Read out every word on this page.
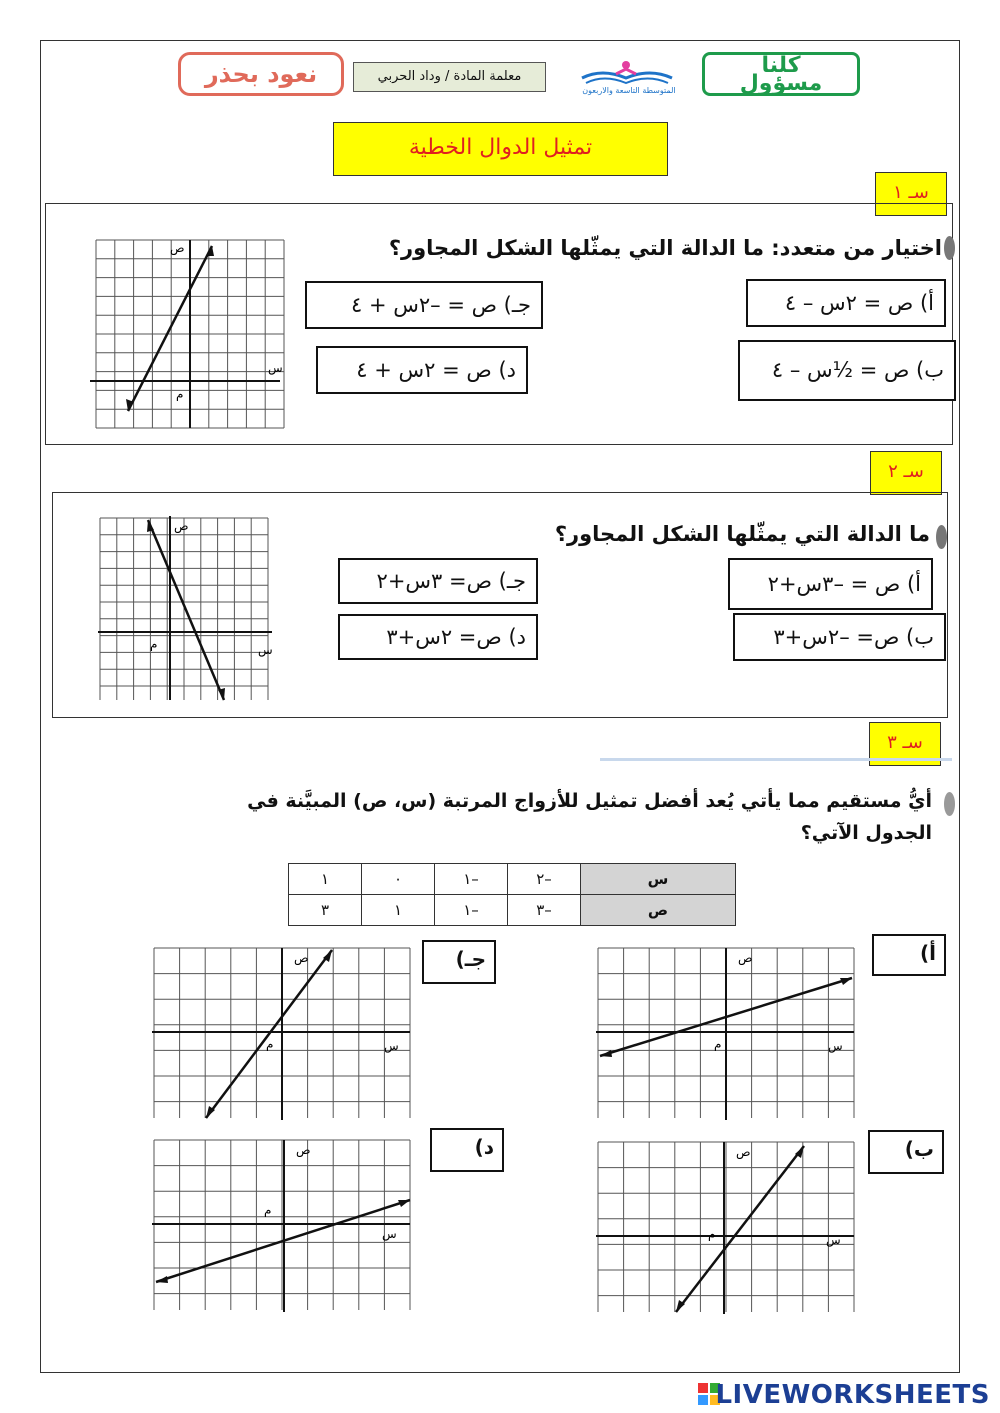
نعود بحذر	معلمة المادة / وداد الحربي
المتوسطة التاسعة والاربعون
كلنا
مسؤول
تمثيل الدوال الخطية
سـ ١
اختيار من متعدد: ما الدالة التي يمثّلها الشكل المجاور؟
ص
س
م
أ) ص = ٢س – ٤
ب) ص = ½س – ٤
جـ) ص = –٢س + ٤
د) ص = ٢س + ٤
سـ ٢
ما الدالة التي يمثّلها الشكل المجاور؟
ص
س
م
أ) ص = –٣س+٢
ب) ص= –٢س+٣
جـ) ص= ٣س+٢
د) ص= ٢س+٣
سـ ٣
أيُّ مستقيم مما يأتي يُعد أفضل تمثيل للأزواج المرتبة (س، ص) المبيَّنة في
الجدول الآتي؟
س	–٢	–١	٠	١
ص	–٣	–١	١	٣
ص
س
م
أ)
ص
س
م
جـ)
ص
س
م
ب)
ص
س
م
د)
LIVEWORKSHEETS
